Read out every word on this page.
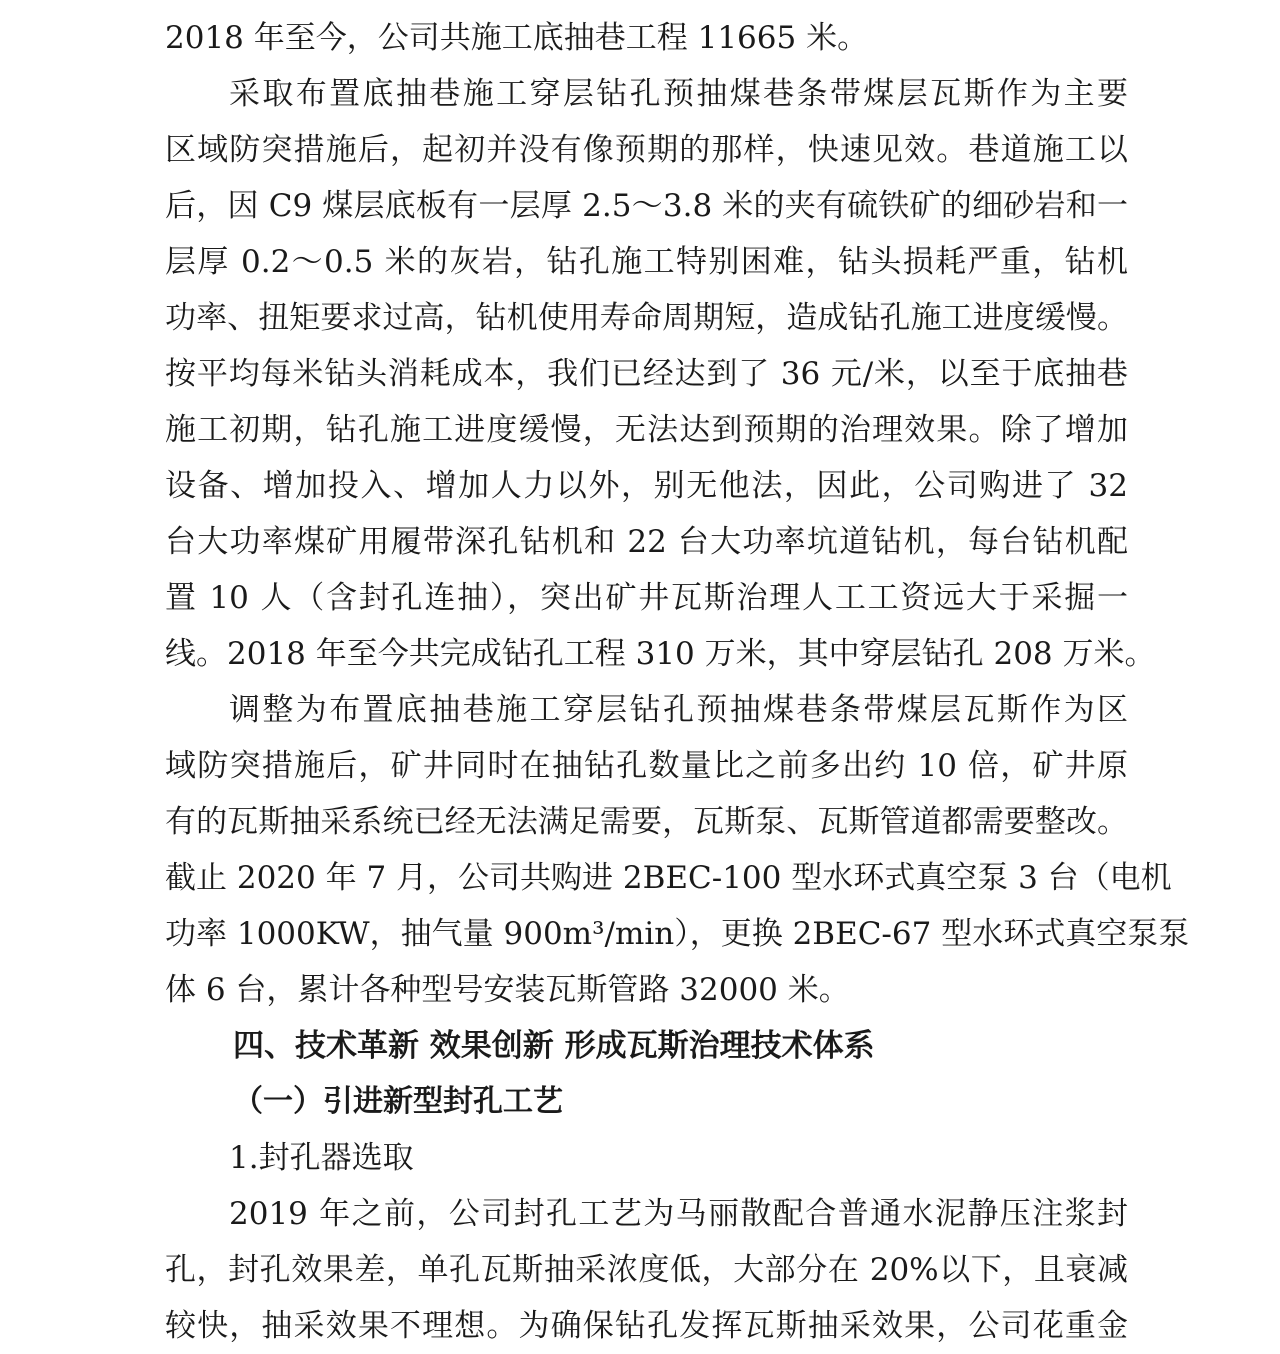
2018 年至今，公司共施工底抽巷工程 11665 米。
采取布置底抽巷施工穿层钻孔预抽煤巷条带煤层瓦斯作为主要
区域防突措施后，起初并没有像预期的那样，快速见效。巷道施工以
后，因 C9 煤层底板有一层厚 2.5～3.8 米的夹有硫铁矿的细砂岩和一
层厚 0.2～0.5 米的灰岩，钻孔施工特别困难，钻头损耗严重，钻机
功率、扭矩要求过高，钻机使用寿命周期短，造成钻孔施工进度缓慢。
按平均每米钻头消耗成本，我们已经达到了 36 元/米，以至于底抽巷
施工初期，钻孔施工进度缓慢，无法达到预期的治理效果。除了增加
设备、增加投入、增加人力以外，别无他法，因此，公司购进了 32
台大功率煤矿用履带深孔钻机和 22 台大功率坑道钻机，每台钻机配
置 10 人（含封孔连抽），突出矿井瓦斯治理人工工资远大于采掘一
线。2018 年至今共完成钻孔工程 310 万米，其中穿层钻孔 208 万米。
调整为布置底抽巷施工穿层钻孔预抽煤巷条带煤层瓦斯作为区
域防突措施后，矿井同时在抽钻孔数量比之前多出约 10 倍，矿井原
有的瓦斯抽采系统已经无法满足需要，瓦斯泵、瓦斯管道都需要整改。
截止 2020 年 7 月，公司共购进 2BEC-100 型水环式真空泵 3 台（电机
功率 1000KW，抽气量 900m³/min），更换 2BEC-67 型水环式真空泵泵
体 6 台，累计各种型号安装瓦斯管路 32000 米。
四、技术革新 效果创新 形成瓦斯治理技术体系
（一）引进新型封孔工艺
1.封孔器选取
2019 年之前，公司封孔工艺为马丽散配合普通水泥静压注浆封
孔，封孔效果差，单孔瓦斯抽采浓度低，大部分在 20%以下，且衰减
较快，抽采效果不理想。为确保钻孔发挥瓦斯抽采效果，公司花重金
